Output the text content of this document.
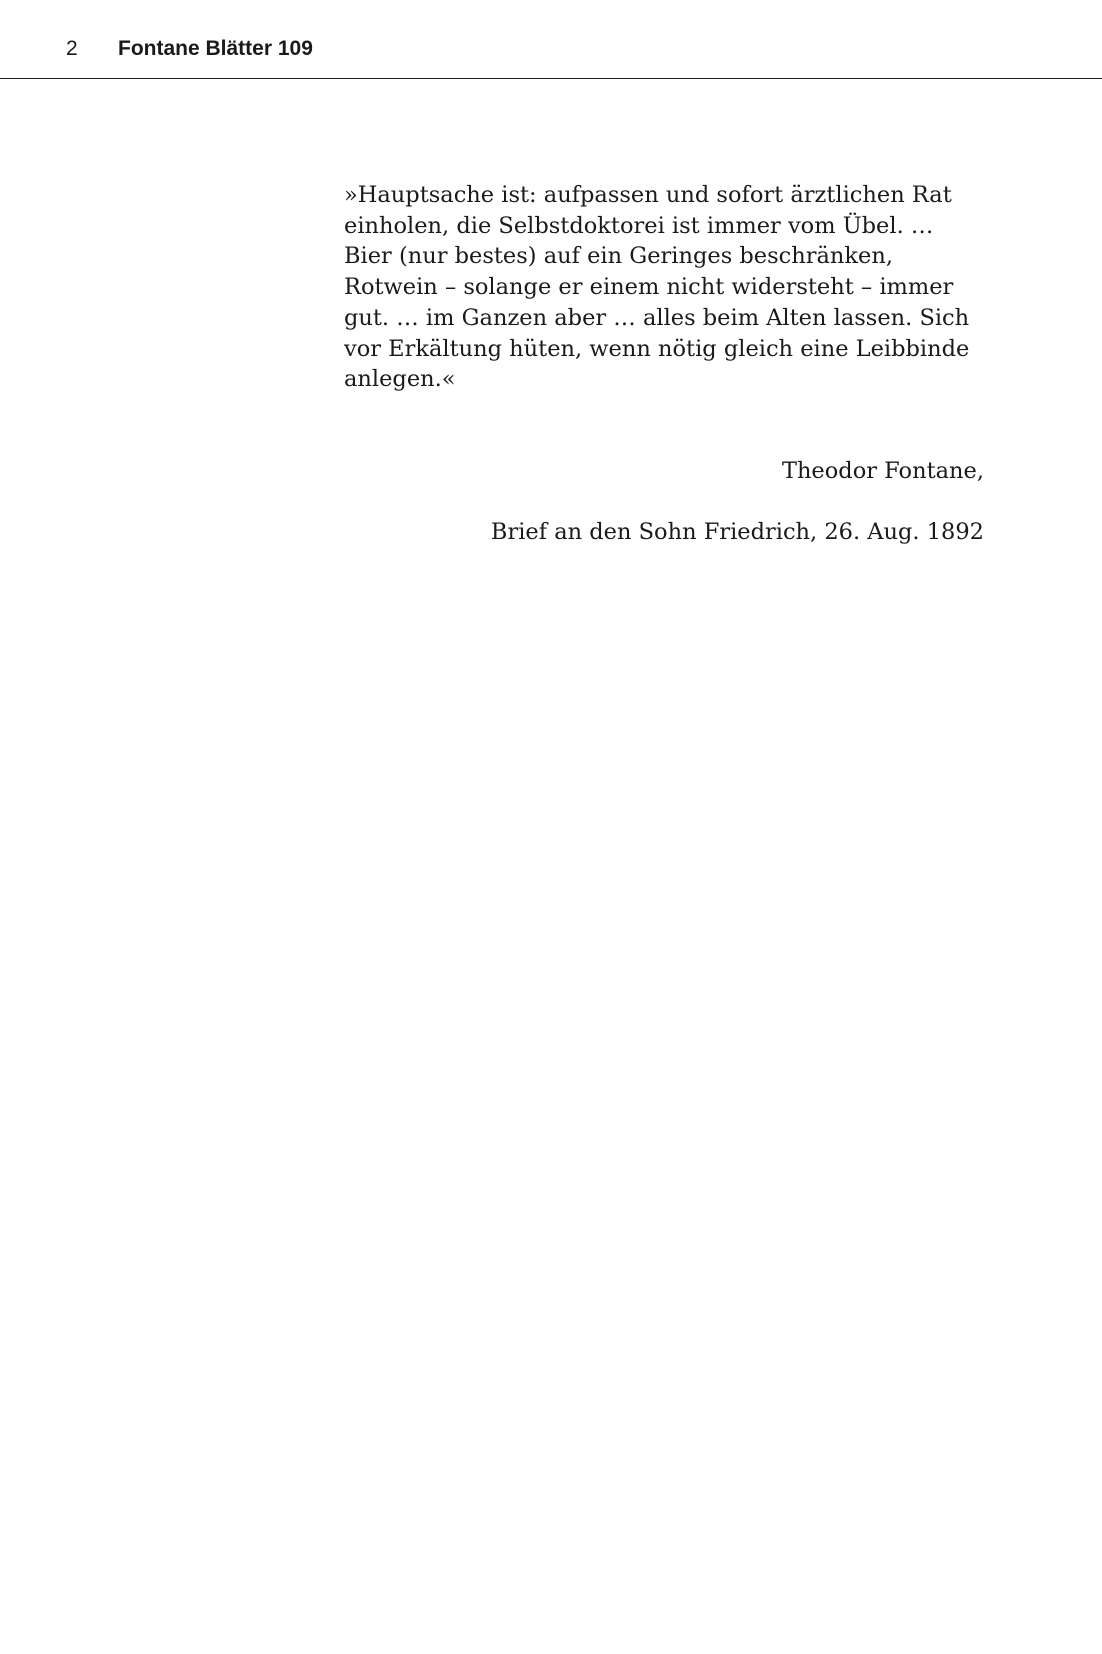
2 Fontane Blätter 109

»Hauptsache ist: aufpassen und sofort ärztlichen Rat
einholen, die Selbstdoktorei ist immer vom Übel. …
Bier (nur bestes) auf ein Geringes beschränken,
Rotwein – solange er einem nicht widersteht – immer
gut. … im Ganzen aber … alles beim Alten lassen. Sich
vor Erkältung hüten, wenn nötig gleich eine Leibbinde
anlegen.«

Theodor Fontane,

Brief an den Sohn Friedrich, 26. Aug. 1892
